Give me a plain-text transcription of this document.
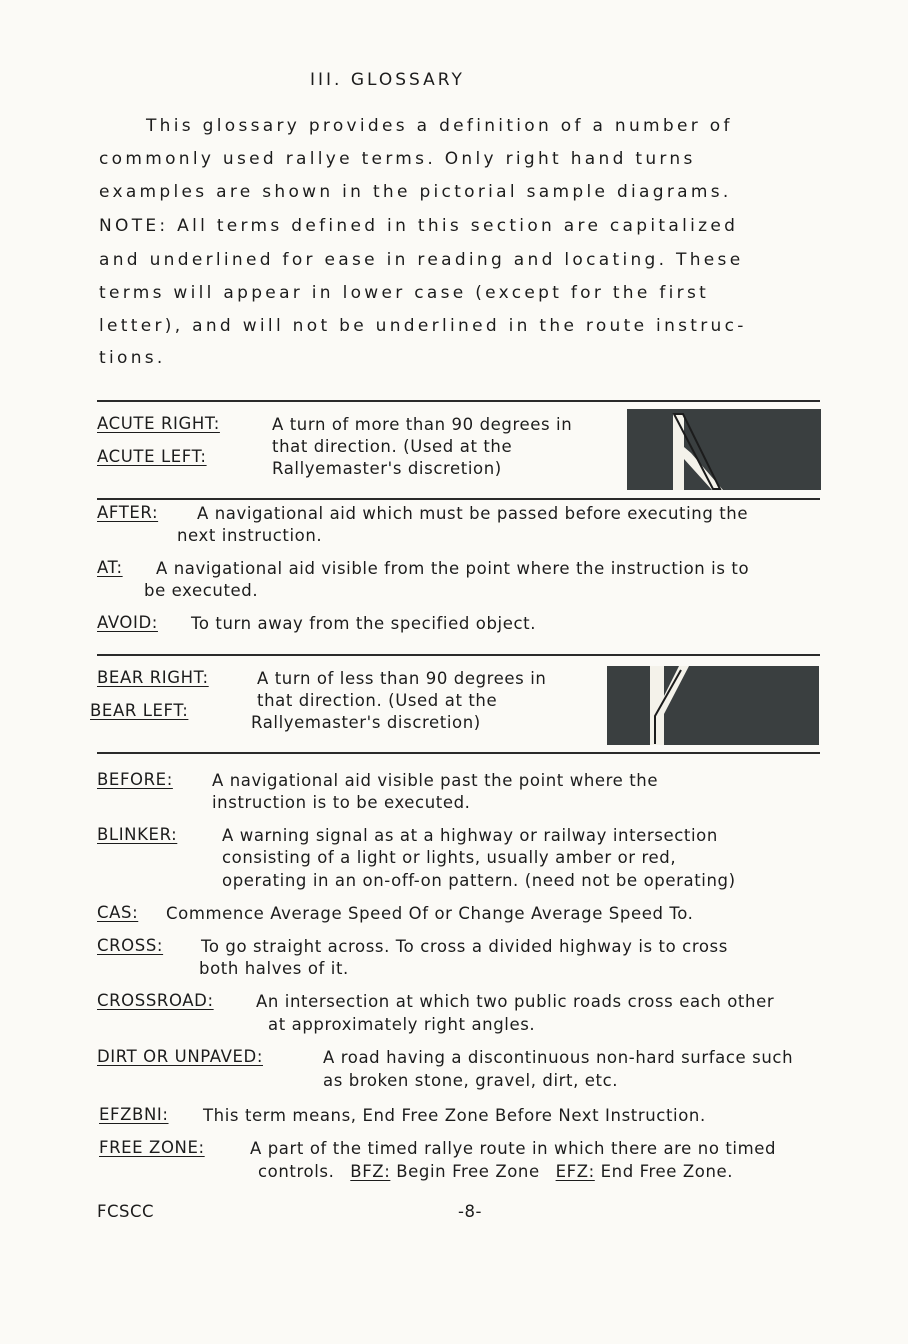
III. GLOSSARY
This glossary provides a definition of a number of
commonly used rallye terms. Only right hand turns
examples are shown in the pictorial sample diagrams.
NOTE: All terms defined in this section are capitalized
and underlined for ease in reading and locating. These
terms will appear in lower case (except for the first
letter), and will not be underlined in the route instruc-
tions.
ACUTE RIGHT:
ACUTE LEFT:
A turn of more than 90 degrees in
that direction. (Used at the
Rallyemaster's discretion)
AFTER: A navigational aid which must be passed before executing the
next instruction.
AT: A navigational aid visible from the point where the instruction is to
be executed.
AVOID: To turn away from the specified object.
BEAR RIGHT:
BEAR LEFT:
A turn of less than 90 degrees in
that direction. (Used at the
Rallyemaster's discretion)
BEFORE: A navigational aid visible past the point where the
instruction is to be executed.
BLINKER:	A warning signal as at a highway or railway intersection
consisting of a light or lights, usually amber or red,
operating in an on-off-on pattern. (need not be operating)
CAS: Commence Average Speed Of or Change Average Speed To.
CROSS: To go straight across. To cross a divided highway is to cross
both halves of it.
CROSSROAD:	An intersection at which two public roads cross each other
at approximately right angles.
DIRT OR UNPAVED:	A road having a discontinuous non-hard surface such
as broken stone, gravel, dirt, etc.
EFZBNI: This term means, End Free Zone Before Next Instruction.
FREE ZONE:	A part of the timed rallye route in which there are no timed
controls. BFZ: Begin Free Zone EFZ: End Free Zone.
FCSCC	-8-
